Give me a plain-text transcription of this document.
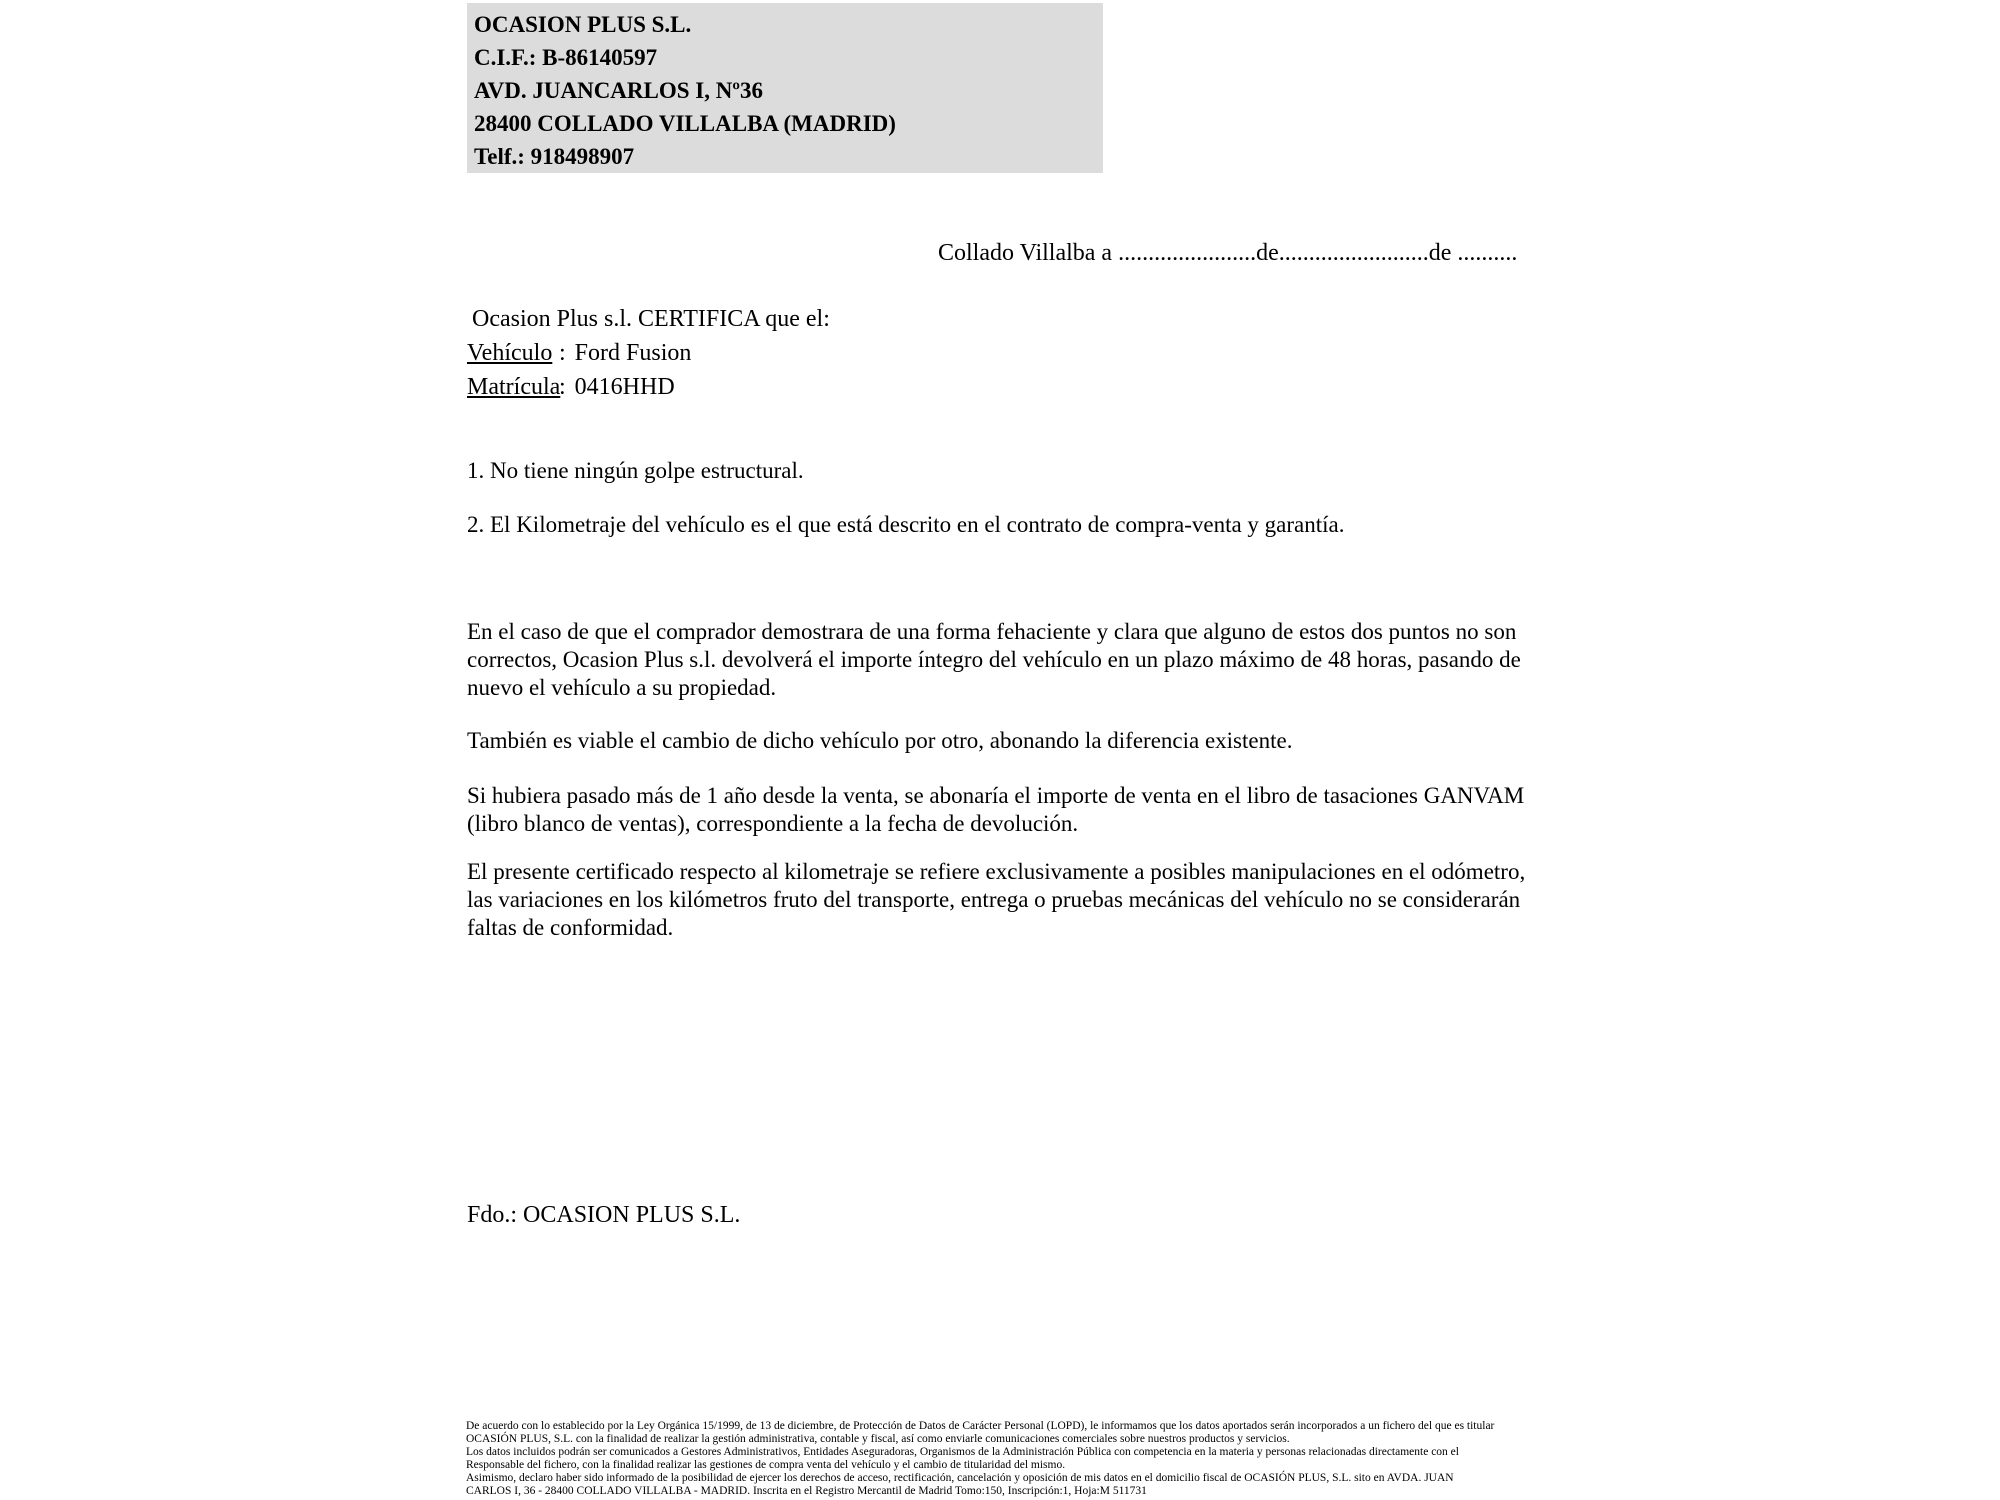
OCASION PLUS S.L.
C.I.F.: B-86140597
AVD. JUANCARLOS I, Nº36
28400 COLLADO VILLALBA (MADRID)
Telf.: 918498907
Collado Villalba a .......................de.........................de ..........
Ocasion Plus s.l. CERTIFICA que el:
Vehículo : Ford Fusion
Matrícula: 0416HHD
1. No tiene ningún golpe estructural.
2. El Kilometraje del vehículo es el que está descrito en el contrato de compra-venta y garantía.

En el caso de que el comprador demostrara de una forma fehaciente y clara que alguno de estos dos puntos no son correctos, Ocasion Plus s.l. devolverá el importe íntegro del vehículo en un plazo máximo de 48 horas, pasando de nuevo el vehículo a su propiedad.

También es viable el cambio de dicho vehículo por otro, abonando la diferencia existente.

Si hubiera pasado más de 1 año desde la venta, se abonaría el importe de venta en el libro de tasaciones GANVAM (libro blanco de ventas), correspondiente a la fecha de devolución.

El presente certificado respecto al kilometraje se refiere exclusivamente a posibles manipulaciones en el odómetro, las variaciones en los kilómetros fruto del transporte, entrega o pruebas mecánicas del vehículo no se considerarán faltas de conformidad.

Fdo.: OCASION PLUS S.L.
De acuerdo con lo establecido por la Ley Orgánica 15/1999, de 13 de diciembre, de Protección de Datos de Carácter Personal (LOPD), le informamos que los datos aportados serán incorporados a un fichero del que es titular
OCASIÓN PLUS, S.L. con la finalidad de realizar la gestión administrativa, contable y fiscal, así como enviarle comunicaciones comerciales sobre nuestros productos y servicios.
Los datos incluidos podrán ser comunicados a Gestores Administrativos, Entidades Aseguradoras, Organismos de la Administración Pública con competencia en la materia y personas relacionadas directamente con el
Responsable del fichero, con la finalidad realizar las gestiones de compra venta del vehículo y el cambio de titularidad del mismo.
Asimismo, declaro haber sido informado de la posibilidad de ejercer los derechos de acceso, rectificación, cancelación y oposición de mis datos en el domicilio fiscal de OCASIÓN PLUS, S.L. sito en AVDA. JUAN
CARLOS I, 36 - 28400 COLLADO VILLALBA - MADRID. Inscrita en el Registro Mercantil de Madrid Tomo:150, Inscripción:1, Hoja:M 511731
